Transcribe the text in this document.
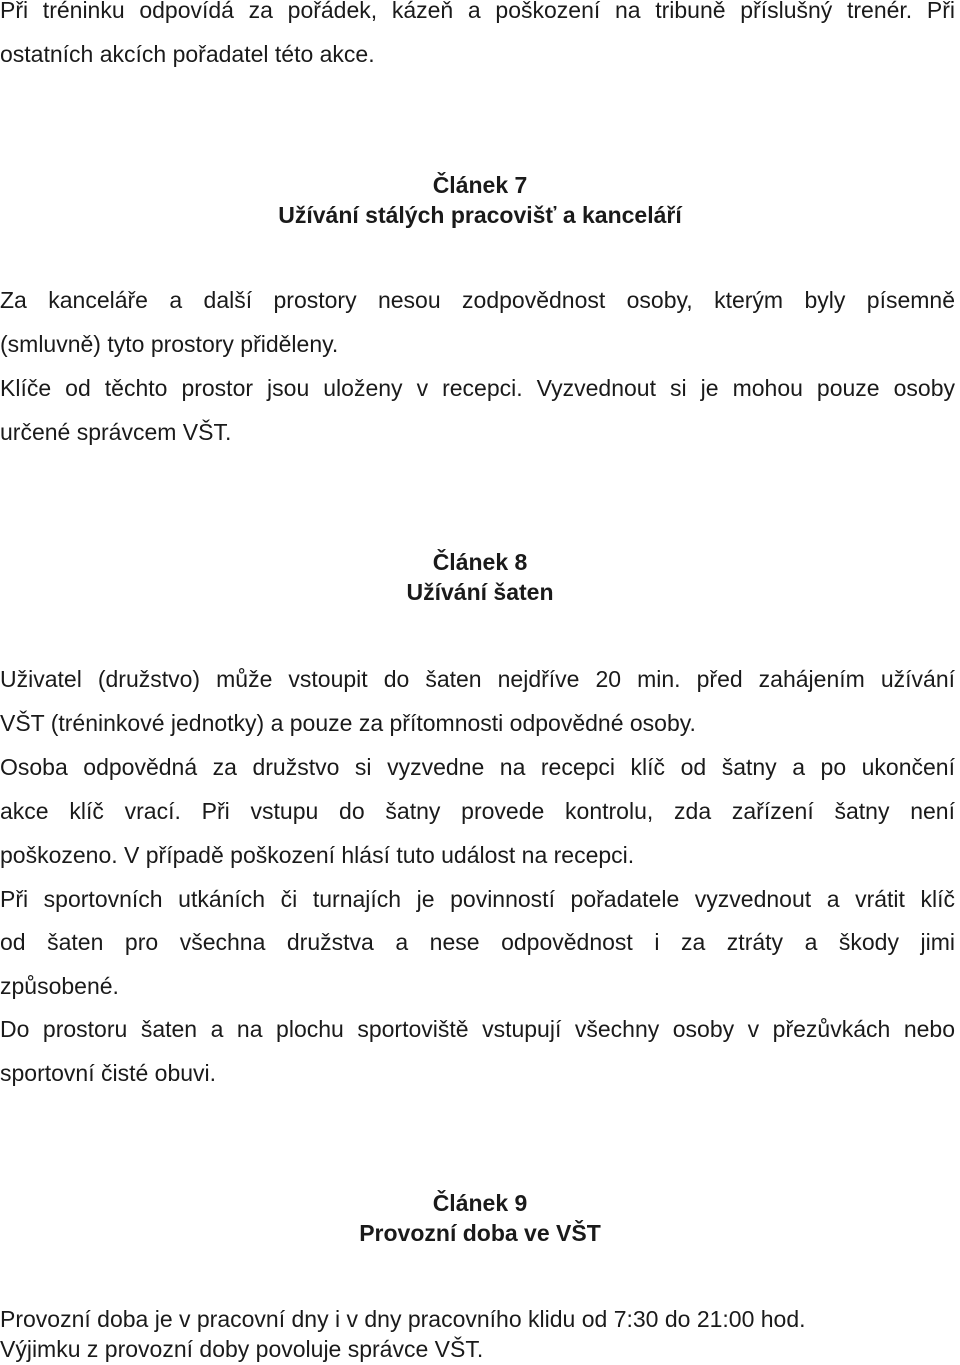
Při tréninku odpovídá za pořádek, kázeň a poškození na tribuně příslušný trenér. Při

ostatních akcích pořadatel této akce.

Článek 7

Užívání stálých pracovišť a kanceláří

Za kanceláře a další prostory nesou zodpovědnost osoby, kterým byly písemně

(smluvně) tyto prostory přiděleny.

Klíče od těchto prostor jsou uloženy v recepci. Vyzvednout si je mohou pouze osoby

určené správcem VŠT.

Článek 8

Užívání šaten

Uživatel (družstvo) může vstoupit do šaten nejdříve 20 min. před zahájením užívání

VŠT (tréninkové jednotky) a pouze za přítomnosti odpovědné osoby.

Osoba odpovědná za družstvo si vyzvedne na recepci klíč od šatny a po ukončení

akce klíč vrací. Při vstupu do šatny provede kontrolu, zda zařízení šatny není

poškozeno. V případě poškození hlásí tuto událost na recepci.

Při sportovních utkáních či turnajích je povinností pořadatele vyzvednout a vrátit klíč

od šaten pro všechna družstva a nese odpovědnost i za ztráty a škody jimi

způsobené.

Do prostoru šaten a na plochu sportoviště vstupují všechny osoby v přezůvkách nebo

sportovní čisté obuvi.

Článek 9

Provozní doba ve VŠT

Provozní doba je v pracovní dny i v dny pracovního klidu od 7:30 do 21:00 hod.

Výjimku z provozní doby povoluje správce VŠT.
